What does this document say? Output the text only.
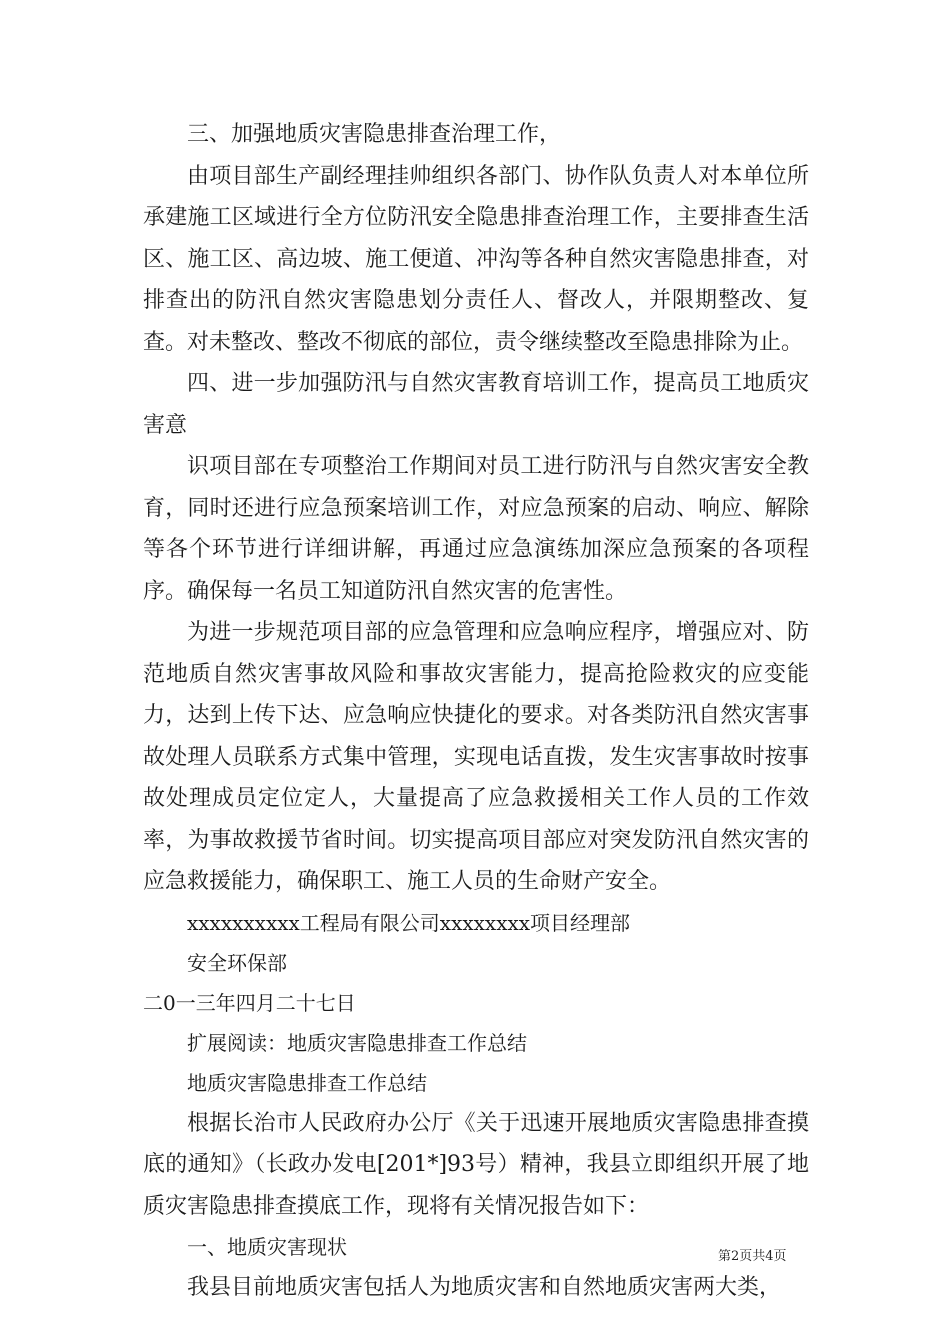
三、加强地质灾害隐患排查治理工作，

由项目部生产副经理挂帅组织各部门、协作队负责人对本单位所承建施工区域进行全方位防汛安全隐患排查治理工作，主要排查生活区、施工区、高边坡、施工便道、冲沟等各种自然灾害隐患排查，对排查出的防汛自然灾害隐患划分责任人、督改人，并限期整改、复查。对未整改、整改不彻底的部位，责令继续整改至隐患排除为止。

四、进一步加强防汛与自然灾害教育培训工作，提高员工地质灾害意

识项目部在专项整治工作期间对员工进行防汛与自然灾害安全教育，同时还进行应急预案培训工作，对应急预案的启动、响应、解除等各个环节进行详细讲解，再通过应急演练加深应急预案的各项程序。确保每一名员工知道防汛自然灾害的危害性。

为进一步规范项目部的应急管理和应急响应程序，增强应对、防范地质自然灾害事故风险和事故灾害能力，提高抢险救灾的应变能力，达到上传下达、应急响应快捷化的要求。对各类防汛自然灾害事故处理人员联系方式集中管理，实现电话直拨，发生灾害事故时按事故处理成员定位定人，大量提高了应急救援相关工作人员的工作效率，为事故救援节省时间。切实提高项目部应对突发防汛自然灾害的应急救援能力，确保职工、施工人员的生命财产安全。

xxxxxxxxxx工程局有限公司xxxxxxxx项目经理部

安全环保部

二0一三年四月二十七日

扩展阅读：地质灾害隐患排查工作总结

地质灾害隐患排查工作总结

根据长治市人民政府办公厅《关于迅速开展地质灾害隐患排查摸底的通知》（长政办发电[201*]93号）精神，我县立即组织开展了地质灾害隐患排查摸底工作，现将有关情况报告如下：

一、地质灾害现状

我县目前地质灾害包括人为地质灾害和自然地质灾害两大类，

第2页共4页
